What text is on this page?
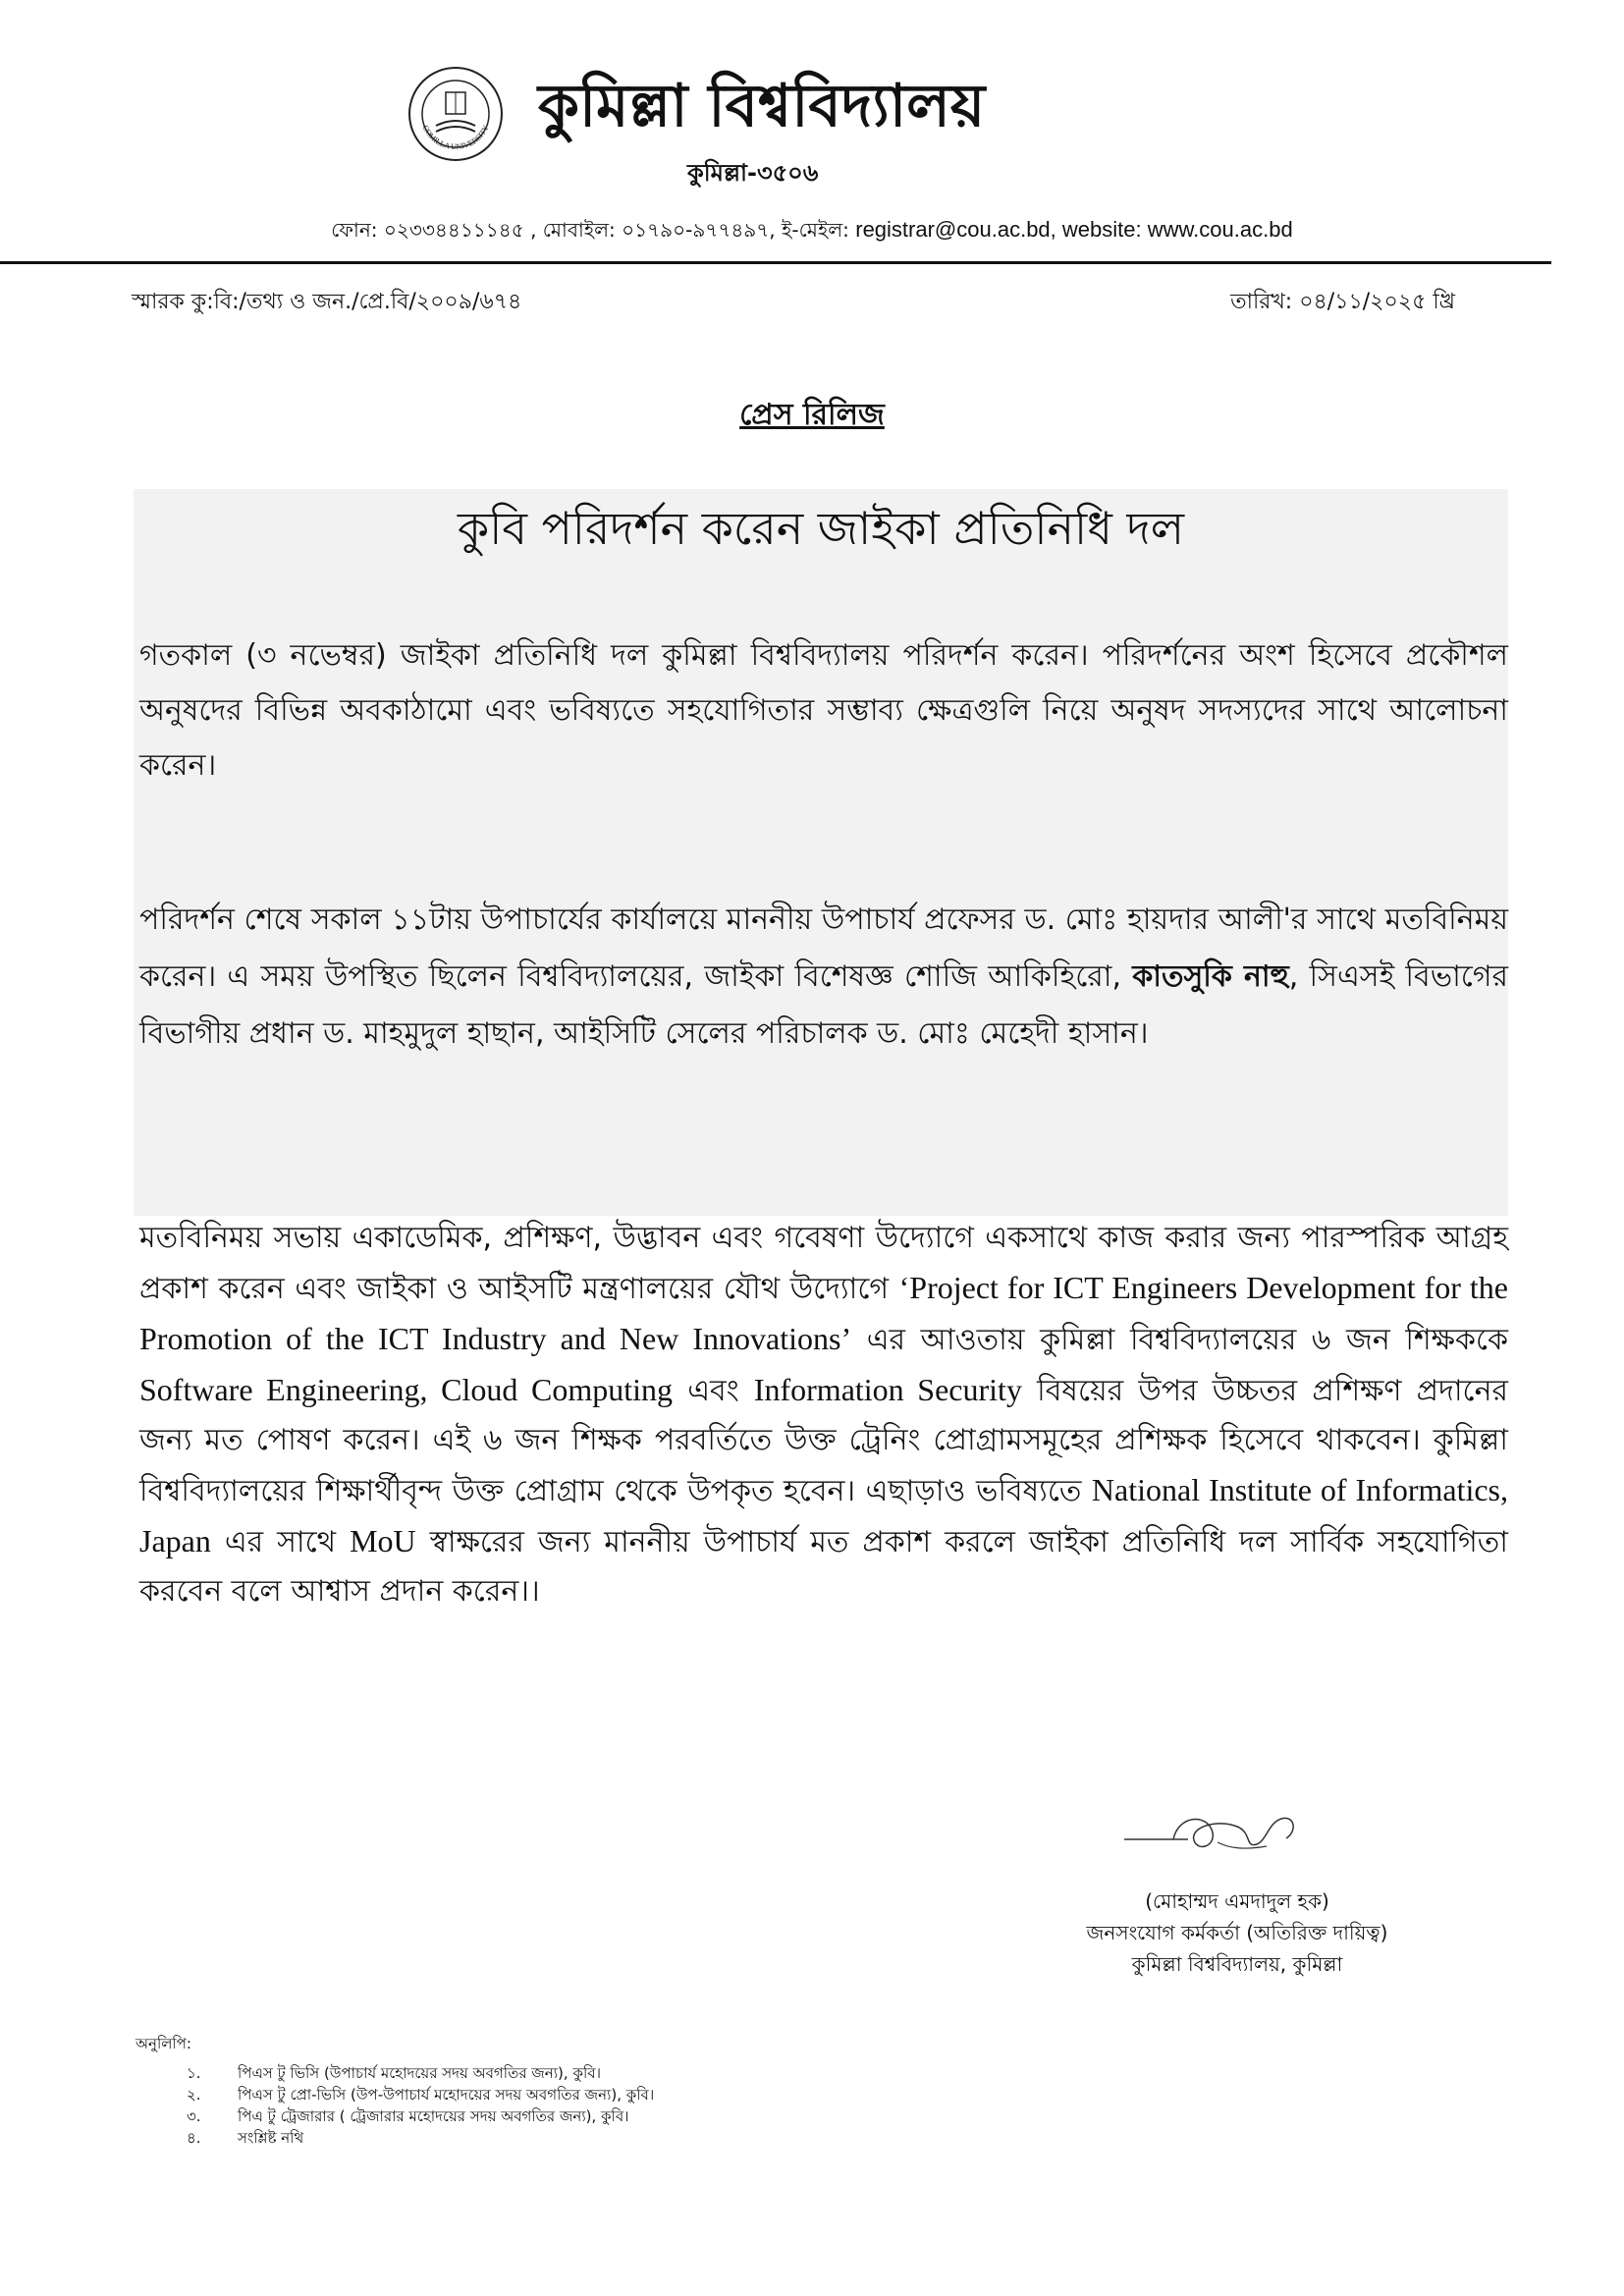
COMILLA UNIVERSITY কুমিল্লা বিশ্ববিদ্যালয়
কুমিল্লা-৩৫০৬
ফোন: ০২৩৩৪৪১১১৪৫ , মোবাইল: ০১৭৯০-৯৭৭৪৯৭, ই-মেইল: registrar@cou.ac.bd, website: www.cou.ac.bd
স্মারক কু:বি:/তথ্য ও জন./প্রে.বি/২০০৯/৬৭৪	তারিখ: ০৪/১১/২০২৫ খ্রি
প্রেস রিলিজ
কুবি পরিদর্শন করেন জাইকা প্রতিনিধি দল
গতকাল (৩ নভেম্বর) জাইকা প্রতিনিধি দল কুমিল্লা বিশ্ববিদ্যালয় পরিদর্শন করেন। পরিদর্শনের অংশ হিসেবে প্রকৌশল অনুষদের বিভিন্ন অবকাঠামো এবং ভবিষ্যতে সহযোগিতার সম্ভাব্য ক্ষেত্রগুলি নিয়ে অনুষদ সদস্যদের সাথে আলোচনা করেন।
পরিদর্শন শেষে সকাল ১১টায় উপাচার্যের কার্যালয়ে মাননীয় উপাচার্য প্রফেসর ড. মোঃ হায়দার আলী'র সাথে মতবিনিময় করেন। এ সময় উপস্থিত ছিলেন বিশ্ববিদ্যালয়ের, জাইকা বিশেষজ্ঞ শোজি আকিহিরো, কাতসুকি নাহু, সিএসই বিভাগের বিভাগীয় প্রধান ড. মাহমুদুল হাছান, আইসিটি সেলের পরিচালক ড. মোঃ মেহেদী হাসান।
মতবিনিময় সভায় একাডেমিক, প্রশিক্ষণ, উদ্ভাবন এবং গবেষণা উদ্যোগে একসাথে কাজ করার জন্য পারস্পরিক আগ্রহ প্রকাশ করেন এবং জাইকা ও আইসটি মন্ত্রণালয়ের যৌথ উদ্যোগে ‘Project for ICT Engineers Development for the Promotion of the ICT Industry and New Innovations’ এর আওতায় কুমিল্লা বিশ্ববিদ্যালয়ের ৬ জন শিক্ষককে Software Engineering, Cloud Computing এবং Information Security বিষয়ের উপর উচ্চতর প্রশিক্ষণ প্রদানের জন্য মত পোষণ করেন। এই ৬ জন শিক্ষক পরবর্তিতে উক্ত ট্রেনিং প্রোগ্রামসমূহের প্রশিক্ষক হিসেবে থাকবেন। কুমিল্লা বিশ্ববিদ্যালয়ের শিক্ষার্থীবৃন্দ উক্ত প্রোগ্রাম থেকে উপকৃত হবেন। এছাড়াও ভবিষ্যতে National Institute of Informatics, Japan এর সাথে MoU স্বাক্ষরের জন্য মাননীয় উপাচার্য মত প্রকাশ করলে জাইকা প্রতিনিধি দল সার্বিক সহযোগিতা করবেন বলে আশ্বাস প্রদান করেন।।
(মোহাম্মদ এমদাদুল হক)
জনসংযোগ কর্মকর্তা (অতিরিক্ত দায়িত্ব)
কুমিল্লা বিশ্ববিদ্যালয়, কুমিল্লা
অনুলিপি:
১.	পিএস টু ভিসি (উপাচার্য মহোদয়ের সদয় অবগতির জন্য), কুবি।
২.	পিএস টু প্রো-ভিসি (উপ-উপাচার্য মহোদয়ের সদয় অবগতির জন্য), কুবি।
৩.	পিএ টু ট্রেজারার ( ট্রেজারার মহোদয়ের সদয় অবগতির জন্য), কুবি।
৪.	সংশ্লিষ্ট নথি
